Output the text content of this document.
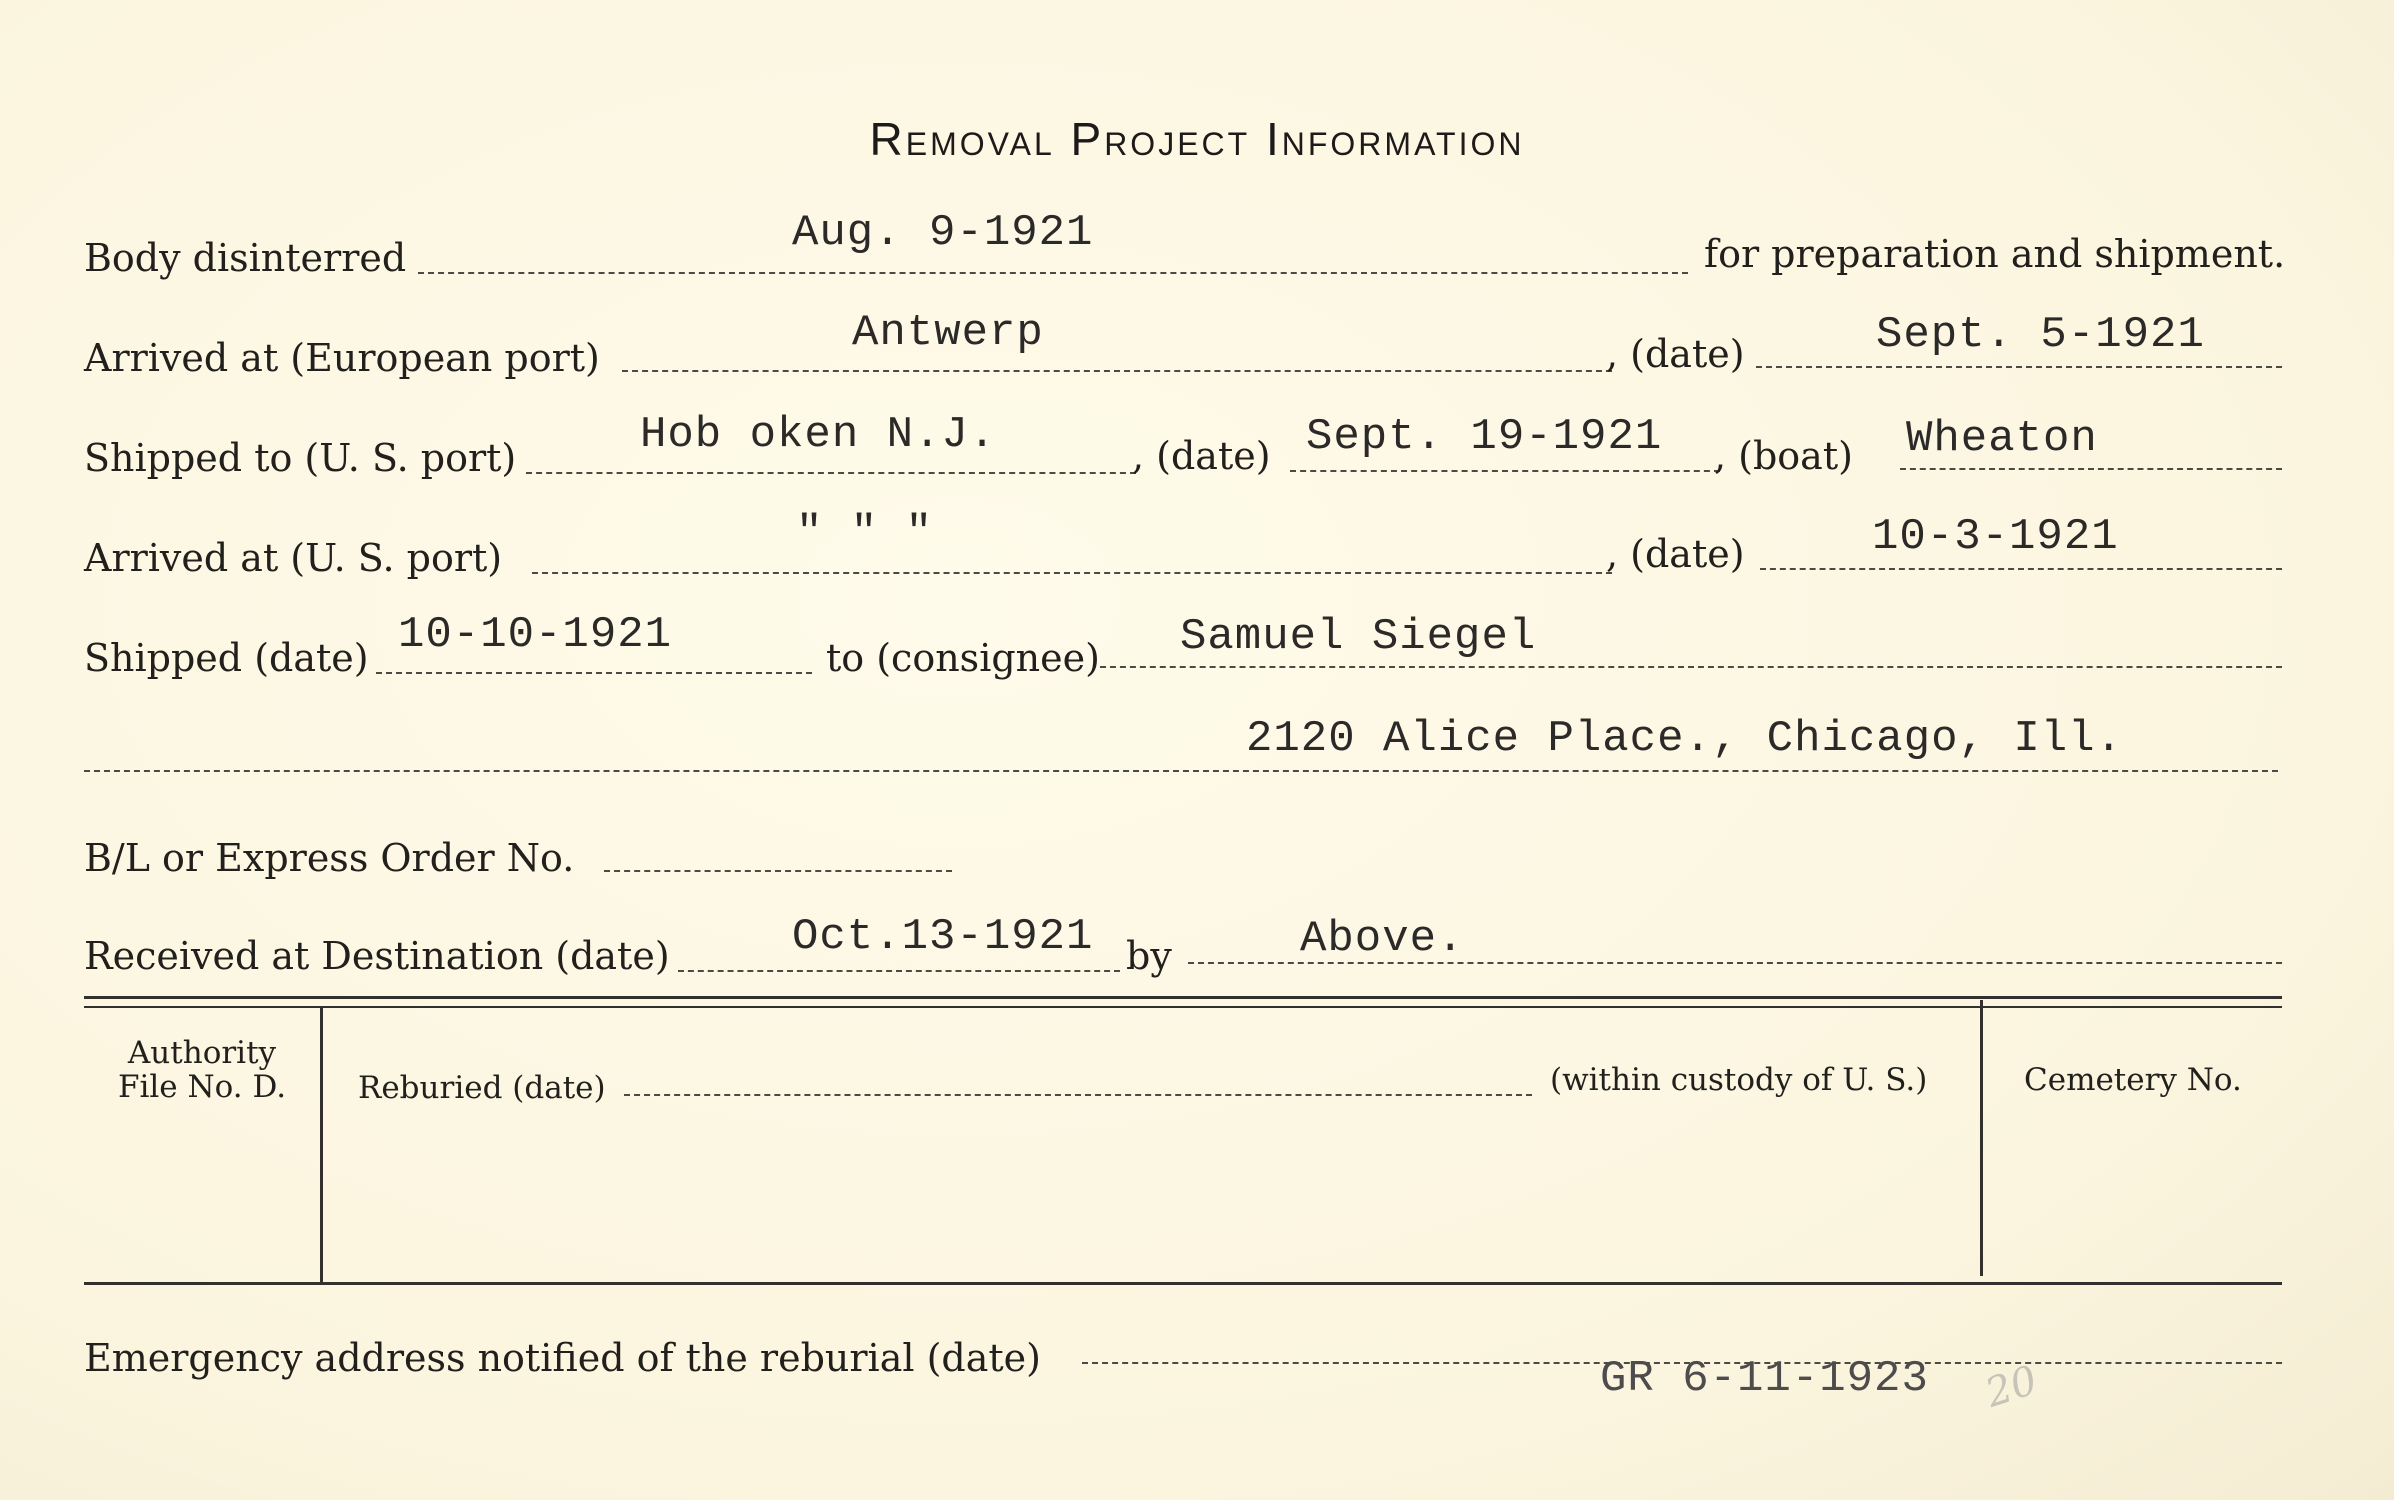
Removal Project Information
Body disinterred	Aug. 9-1921	for preparation and shipment.
Arrived at (European port)	Antwerp	, (date)	Sept. 5-1921
Shipped to (U. S. port)	Hob oken N.J.	, (date) Sept. 19-1921 , (boat) Wheaton
Arrived at (U. S. port)	" " "	, (date)	10-3-1921
Shipped (date) 10-10-1921	to (consignee) Samuel Siegel
2120 Alice Place., Chicago, Ill.
B/L or Express Order No.
Received at Destination (date)	Oct.13-1921 by	Above.
Authority
File No. D.	Reburied (date)	(within custody of U. S.)	Cemetery No.
Emergency address notified of the reburial (date)	GR 6-11-1923 20
